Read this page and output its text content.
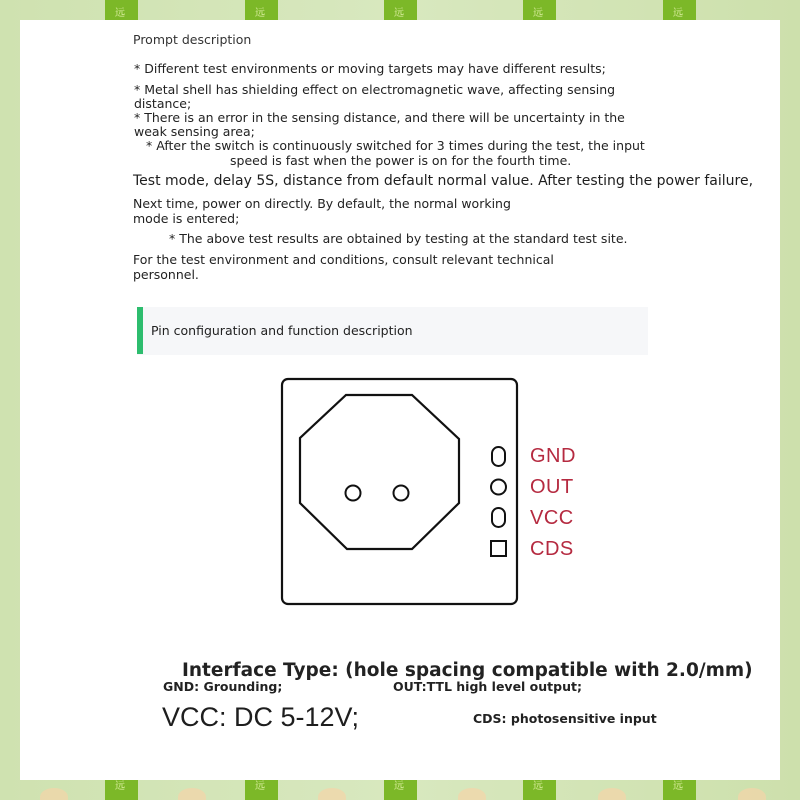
远	远	远	远	远
远	远	远	远	远
Prompt description
* Different test environments or moving targets may have different results;
* Metal shell has shielding effect on electromagnetic wave, affecting sensing
distance;
* There is an error in the sensing distance, and there will be uncertainty in the
weak sensing area;
* After the switch is continuously switched for 3 times during the test, the input
speed is fast when the power is on for the fourth time.
Test mode, delay 5S, distance from default normal value. After testing the power failure,
Next time, power on directly. By default, the normal working
mode is entered;
* The above test results are obtained by testing at the standard test site.
For the test environment and conditions, consult relevant technical
personnel.
Pin configuration and function description
Interface Type: (hole spacing compatible with 2.0/mm)
GND: Grounding;	OUT:TTL high level output;
VCC: DC 5-12V;	CDS: photosensitive input
GND
OUT
VCC
CDS
